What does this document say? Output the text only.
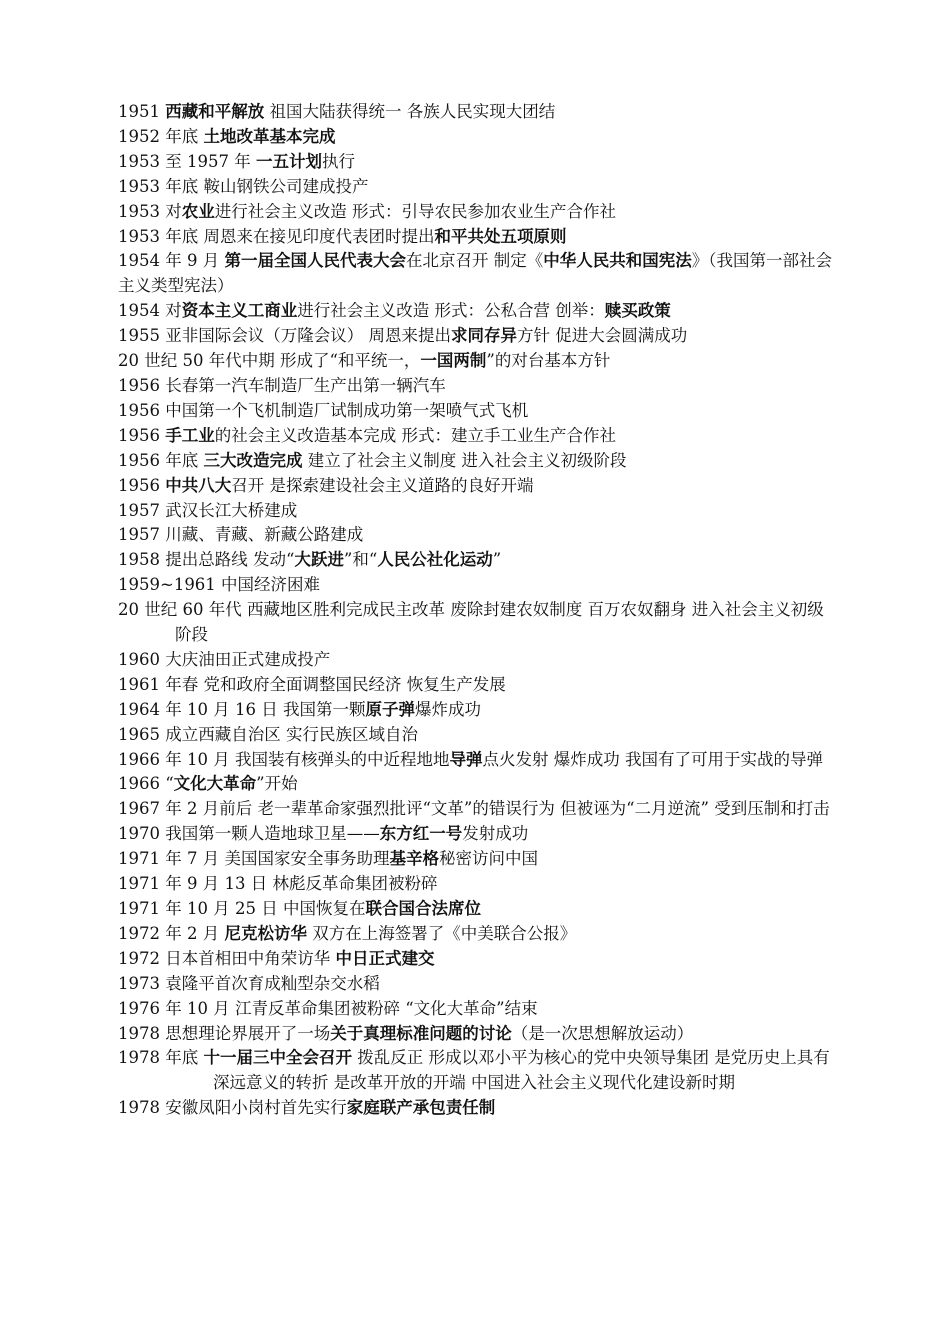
1951 西藏和平解放 祖国大陆获得统一 各族人民实现大团结

1952 年底 土地改革基本完成

1953 至 1957 年 一五计划执行

1953 年底 鞍山钢铁公司建成投产

1953 对农业进行社会主义改造 形式：引导农民参加农业生产合作社

1953 年底 周恩来在接见印度代表团时提出和平共处五项原则

1954 年 9 月 第一届全国人民代表大会在北京召开 制定《中华人民共和国宪法》（我国第一部社会主义类型宪法）

1954 对资本主义工商业进行社会主义改造 形式：公私合营 创举：赎买政策

1955 亚非国际会议（万隆会议） 周恩来提出求同存异方针 促进大会圆满成功

20 世纪 50 年代中期 形成了“和平统一，一国两制”的对台基本方针

1956 长春第一汽车制造厂生产出第一辆汽车

1956 中国第一个飞机制造厂试制成功第一架喷气式飞机

1956 手工业的社会主义改造基本完成 形式：建立手工业生产合作社

1956 年底 三大改造完成 建立了社会主义制度 进入社会主义初级阶段

1956 中共八大召开 是探索建设社会主义道路的良好开端

1957 武汉长江大桥建成

1957 川藏、青藏、新藏公路建成

1958 提出总路线 发动“大跃进”和“人民公社化运动”

1959~1961 中国经济困难

20 世纪 60 年代 西藏地区胜利完成民主改革 废除封建农奴制度 百万农奴翻身 进入社会主义初级阶段

1960 大庆油田正式建成投产

1961 年春 党和政府全面调整国民经济 恢复生产发展

1964 年 10 月 16 日 我国第一颗原子弹爆炸成功

1965 成立西藏自治区 实行民族区域自治

1966 年 10 月 我国装有核弹头的中近程地地导弹点火发射 爆炸成功 我国有了可用于实战的导弹

1966 “文化大革命”开始

1967 年 2 月前后 老一辈革命家强烈批评“文革”的错误行为 但被诬为“二月逆流” 受到压制和打击

1970 我国第一颗人造地球卫星——东方红一号发射成功

1971 年 7 月 美国国家安全事务助理基辛格秘密访问中国

1971 年 9 月 13 日 林彪反革命集团被粉碎

1971 年 10 月 25 日 中国恢复在联合国合法席位

1972 年 2 月 尼克松访华 双方在上海签署了《中美联合公报》

1972 日本首相田中角荣访华 中日正式建交

1973 袁隆平首次育成籼型杂交水稻

1976 年 10 月 江青反革命集团被粉碎 “文化大革命”结束

1978 思想理论界展开了一场关于真理标准问题的讨论（是一次思想解放运动）

1978 年底 十一届三中全会召开 拨乱反正 形成以邓小平为核心的党中央领导集团 是党历史上具有深远意义的转折 是改革开放的开端 中国进入社会主义现代化建设新时期

1978 安徽凤阳小岗村首先实行家庭联产承包责任制
